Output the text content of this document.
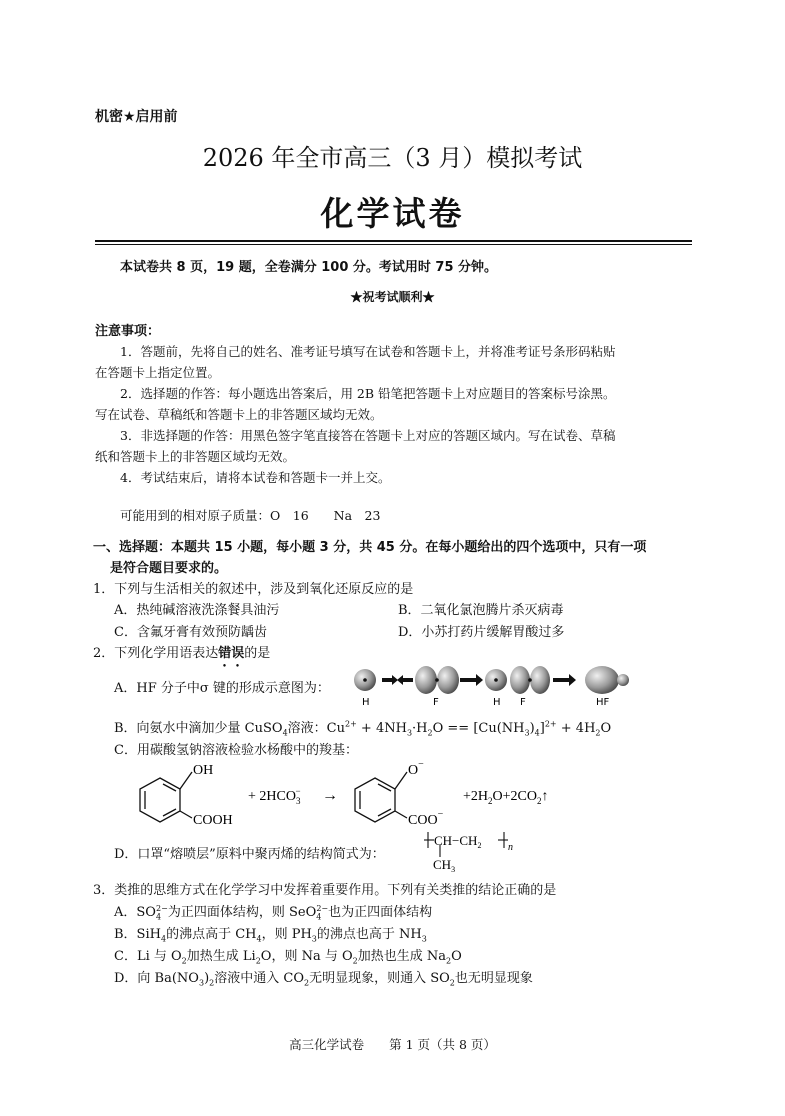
机密★启用前
2026 年全市高三（3 月）模拟考试
化学试卷
本试卷共 8 页，19 题，全卷满分 100 分。考试用时 75 分钟。
★祝考试顺利★
注意事项：
1．答题前，先将自己的姓名、准考证号填写在试卷和答题卡上，并将准考证号条形码粘贴
在答题卡上指定位置。
2．选择题的作答：每小题选出答案后，用 2B 铅笔把答题卡上对应题目的答案标号涂黑。
写在试卷、草稿纸和答题卡上的非答题区域均无效。
3．非选择题的作答：用黑色签字笔直接答在答题卡上对应的答题区域内。写在试卷、草稿
纸和答题卡上的非答题区域均无效。
4．考试结束后，请将本试卷和答题卡一并上交。
可能用到的相对原子质量：O　16　　Na　23
一、选择题：本题共 15 小题，每小题 3 分，共 45 分。在每小题给出的四个选项中，只有一项
是符合题目要求的。
1．下列与生活相关的叙述中，涉及到氧化还原反应的是
A．热纯碱溶液洗涤餐具油污	B．二氧化氯泡腾片杀灭病毒
C．含氟牙膏有效预防龋齿	D．小苏打药片缓解胃酸过多
2．下列化学用语表达错误的是
A．HF 分子中σ 键的形成示意图为：
H	F	H F	HF
B．向氨水中滴加少量 CuSO$_4$溶液：$Cu^{2+} + 4NH_3\cdot H_2O == [Cu(NH_3)_4]^{2+} + 4H_2O$
C．用碳酸氢钠溶液检验水杨酸中的羧基：
OH
COOH
+ $2HCO_3-$ →
O−
COO−
$+2H_2O+2CO_2↑$
D．口罩“熔喷层”原料中聚丙烯的结构简式为：
$CH-CH_2$	n
$CH_3$
3．类推的思维方式在化学学习中发挥着重要作用。下列有关类推的结论正确的是
A．$SO_4^{2-}$为正四面体结构，则 SeO$_4^{2-}$也为正四面体结构
B．SiH$_4$的沸点高于 $CH_4$，则 $PH_3$的沸点也高于 $NH_3$
C．Li 与 $O_2$加热生成 $Li_2O$，则 Na 与 $O_2$加热也生成 $Na_2O$
D．向 $Ba(NO_3)_2$溶液中通入 $CO_2$无明显现象，则通入 $SO_2$也无明显现象
高三化学试卷　　第 1 页（共 8 页）
